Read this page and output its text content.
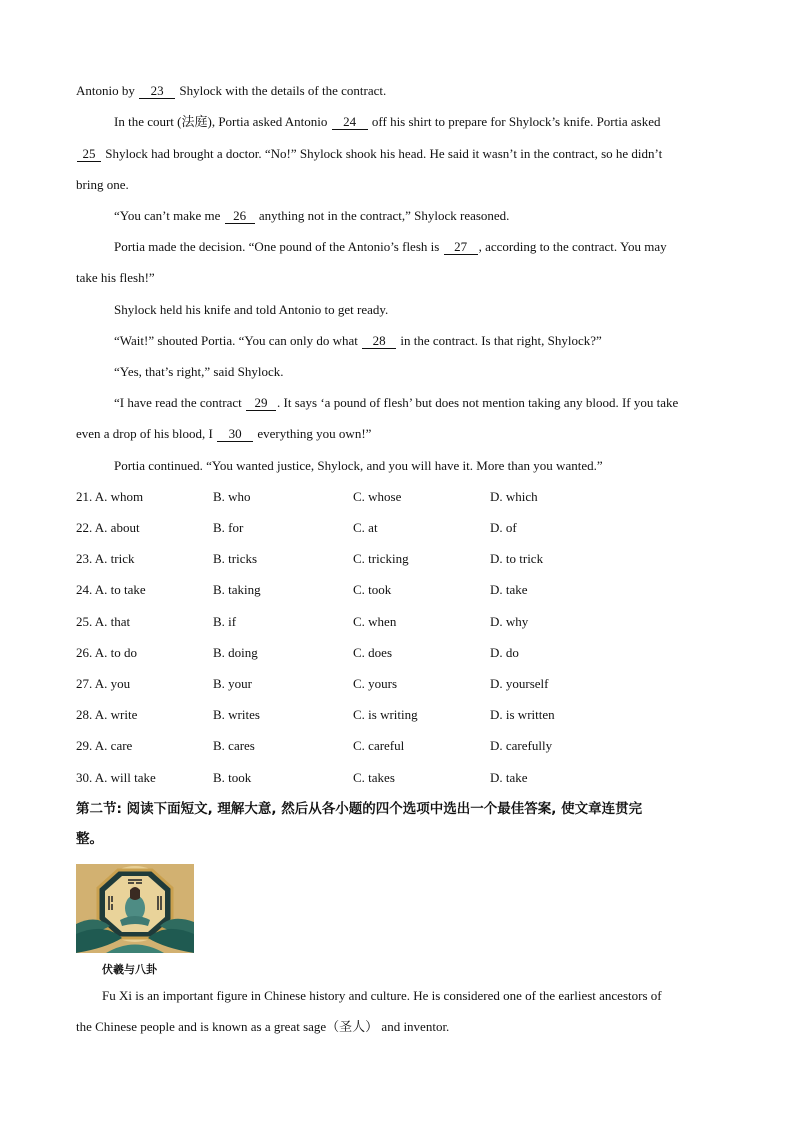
Antonio by 23 Shylock with the details of the contract.
In the court (法庭), Portia asked Antonio 24 off his shirt to prepare for Shylock’s knife. Portia asked
25 Shylock had brought a doctor. “No!” Shylock shook his head. He said it wasn’t in the contract, so he didn’t
bring one.
“You can’t make me 26 anything not in the contract,” Shylock reasoned.
Portia made the decision. “One pound of the Antonio’s flesh is 27 , according to the contract. You may
take his flesh!”
Shylock held his knife and told Antonio to get ready.
“Wait!” shouted Portia. “You can only do what 28 in the contract. Is that right, Shylock?”
“Yes, that’s right,” said Shylock.
“I have read the contract 29 . It says ‘a pound of flesh’ but does not mention taking any blood. If you take
even a drop of his blood, I 30 everything you own!”
Portia continued. “You wanted justice, Shylock, and you will have it. More than you wanted.”
21. A. whom	B. who	C. whose	D. which
22. A. about	B. for	C. at	D. of
23. A. trick	B. tricks	C. tricking	D. to trick
24. A. to take	B. taking	C. took	D. take
25. A. that	B. if	C. when	D. why
26. A. to do	B. doing	C. does	D. do
27. A. you	B. your	C. yours	D. yourself
28. A. write	B. writes	C. is writing	D. is written
29. A. care	B. cares	C. careful	D. carefully
30. A. will take	B. took	C. takes	D. take
第二节: 阅读下面短文, 理解大意, 然后从各小题的四个选项中选出一个最佳答案, 使文章连贯完
整。
伏羲与八卦
Fu Xi is an important figure in Chinese history and culture. He is considered one of the earliest ancestors of
the Chinese people and is known as a great sage（圣人） and inventor.
